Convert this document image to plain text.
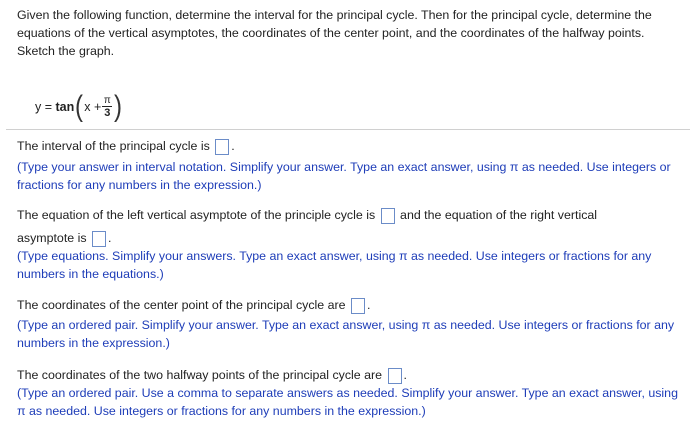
Given the following function, determine the interval for the principal cycle. Then for the principal cycle, determine the equations of the vertical asymptotes, the coordinates of the center point, and the coordinates of the halfway points. Sketch the graph.
y =
tan ( $x + \frac{\pi}{3}$ )
The interval of the principal cycle is .
(Type your answer in interval notation. Simplify your answer. Type an exact answer, using π as needed. Use integers or fractions for any numbers in the expression.)
The equation of the left vertical asymptote of the principle cycle is and the equation of the right vertical
asymptote is .
(Type equations. Simplify your answers. Type an exact answer, using π as needed. Use integers or fractions for any numbers in the equations.)
The coordinates of the center point of the principal cycle are .
(Type an ordered pair. Simplify your answer. Type an exact answer, using π as needed. Use integers or fractions for any numbers in the expression.)
The coordinates of the two halfway points of the principal cycle are .
(Type an ordered pair. Use a comma to separate answers as needed. Simplify your answer. Type an exact answer, using π as needed. Use integers or fractions for any numbers in the expression.)
